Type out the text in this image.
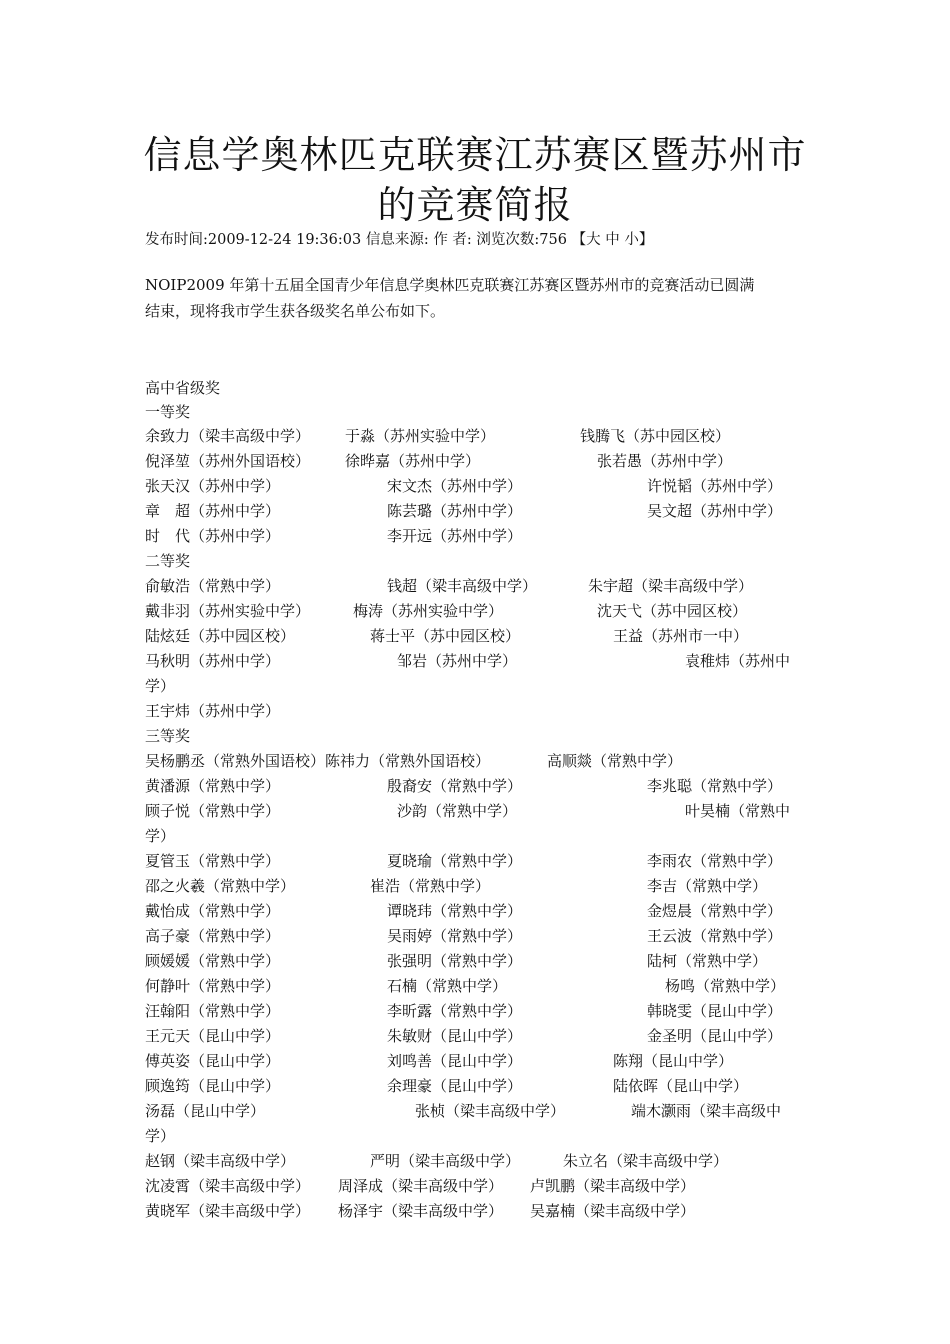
信息学奥林匹克联赛江苏赛区暨苏州市
的竞赛简报
发布时间:2009-12-24 19:36:03 信息来源: 作 者: 浏览次数:756 【大 中 小】
NOIP2009 年第十五届全国青少年信息学奥林匹克联赛江苏赛区暨苏州市的竞赛活动已圆满
结束，现将我市学生获各级奖名单公布如下。
高中省级奖
一等奖
余致力（梁丰高级中学） 于淼（苏州实验中学）	钱腾飞（苏中园区校）
倪泽堃（苏州外国语校） 徐晔嘉（苏州中学）	张若愚（苏州中学）
张天汉（苏州中学）	宋文杰（苏州中学）	许悦韬（苏州中学）
章　超（苏州中学）	陈芸璐（苏州中学）	吴文超（苏州中学）
时　代（苏州中学）	李开远（苏州中学）
二等奖
俞敏浩（常熟中学）	钱超（梁丰高级中学）	朱宇超（梁丰高级中学）
戴非羽（苏州实验中学）	梅涛（苏州实验中学）	沈天弋（苏中园区校）
陆炫廷（苏中园区校）	蒋士平（苏中园区校）	王益（苏州市一中）
马秋明（苏州中学）	邹岩（苏州中学）	袁稚炜（苏州中
学）
王宇炜（苏州中学）
三等奖
吴杨鹏丞（常熟外国语校）陈祎力（常熟外国语校）	高顺燚（常熟中学）
黄潘源（常熟中学）	殷裔安（常熟中学）	李兆聪（常熟中学）
顾子悦（常熟中学）	沙韵（常熟中学）	叶昊楠（常熟中
学）
夏管玉（常熟中学）	夏晓瑜（常熟中学）	李雨农（常熟中学）
邵之火羲（常熟中学）	崔浩（常熟中学）	李吉（常熟中学）
戴怡成（常熟中学）	谭晓玮（常熟中学）	金煜晨（常熟中学）
高子豪（常熟中学）	吴雨婷（常熟中学）	王云波（常熟中学）
顾媛媛（常熟中学）	张强明（常熟中学）	陆柯（常熟中学）
何静叶（常熟中学）	石楠（常熟中学）	杨鸣（常熟中学）
汪翰阳（常熟中学）	李昕露（常熟中学）	韩晓雯（昆山中学）
王元天（昆山中学）	朱敏财（昆山中学）	金圣明（昆山中学）
傅英姿（昆山中学）	刘鸣善（昆山中学）	陈翔（昆山中学）
顾逸筠（昆山中学）	余理豪（昆山中学）	陆依晖（昆山中学）
汤磊（昆山中学）	张桢（梁丰高级中学）	端木灏雨（梁丰高级中
学）
赵钢（梁丰高级中学）	严明（梁丰高级中学）	朱立名（梁丰高级中学）
沈凌霄（梁丰高级中学） 周泽成（梁丰高级中学） 卢凯鹏（梁丰高级中学）
黄晓军（梁丰高级中学） 杨泽宇（梁丰高级中学） 吴嘉楠（梁丰高级中学）
